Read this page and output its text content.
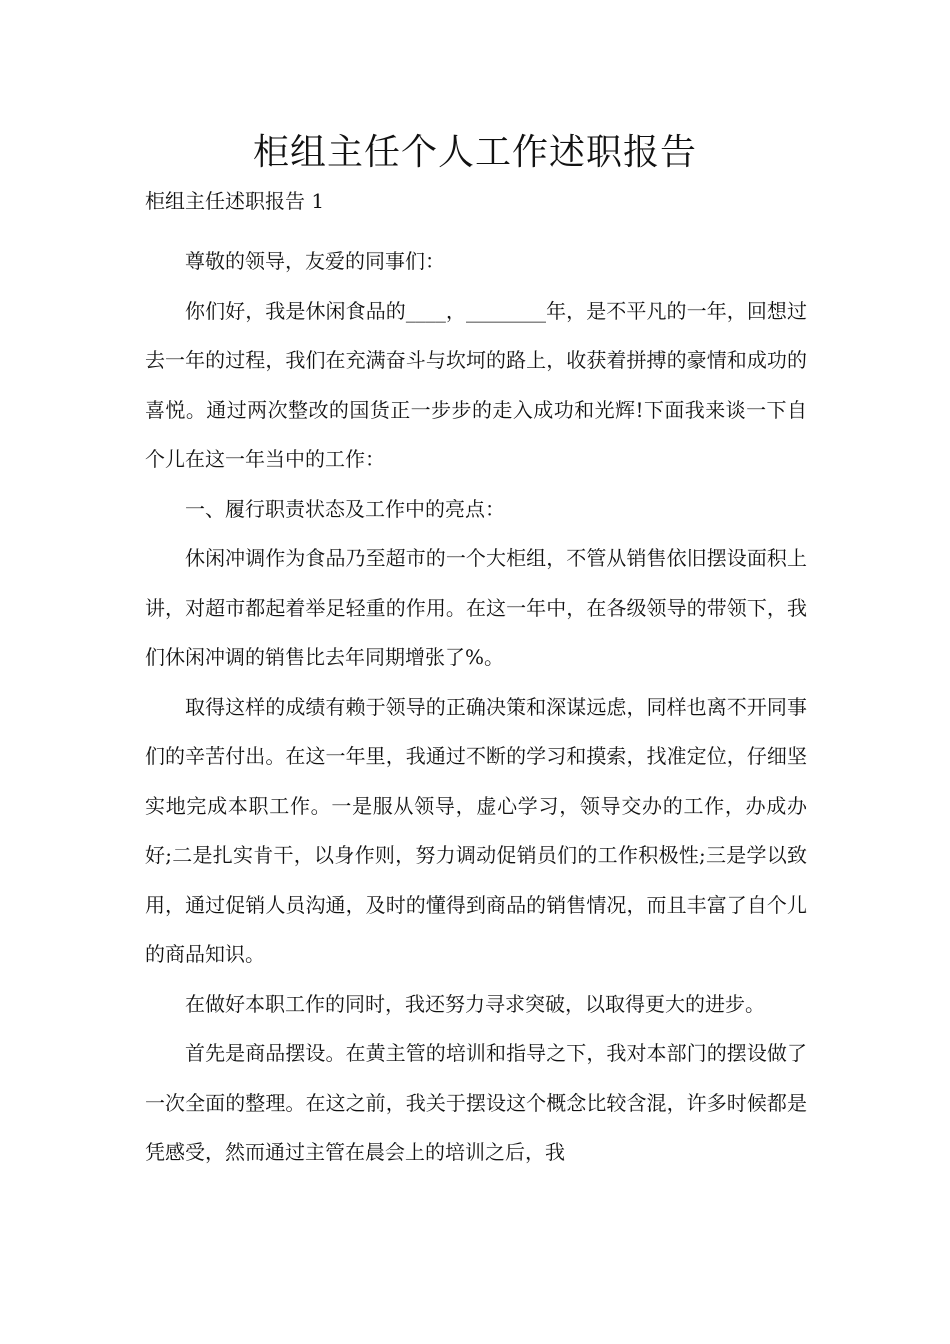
柜组主任个人工作述职报告

柜组主任述职报告 1

尊敬的领导，友爱的同事们：

你们好，我是休闲食品的____，________年，是不平凡的一年，回想过去一年的过程，我们在充满奋斗与坎坷的路上，收获着拼搏的豪情和成功的喜悦。通过两次整改的国货正一步步的走入成功和光辉!下面我来谈一下自个儿在这一年当中的工作：

一、履行职责状态及工作中的亮点：

休闲冲调作为食品乃至超市的一个大柜组，不管从销售依旧摆设面积上讲，对超市都起着举足轻重的作用。在这一年中，在各级领导的带领下，我们休闲冲调的销售比去年同期增张了%。

取得这样的成绩有赖于领导的正确决策和深谋远虑，同样也离不开同事们的辛苦付出。在这一年里，我通过不断的学习和摸索，找准定位，仔细坚实地完成本职工作。一是服从领导，虚心学习，领导交办的工作，办成办好;二是扎实肯干，以身作则，努力调动促销员们的工作积极性;三是学以致用，通过促销人员沟通，及时的懂得到商品的销售情况，而且丰富了自个儿的商品知识。

在做好本职工作的同时，我还努力寻求突破，以取得更大的进步。

首先是商品摆设。在黄主管的培训和指导之下，我对本部门的摆设做了一次全面的整理。在这之前，我关于摆设这个概念比较含混，许多时候都是凭感受，然而通过主管在晨会上的培训之后，我
